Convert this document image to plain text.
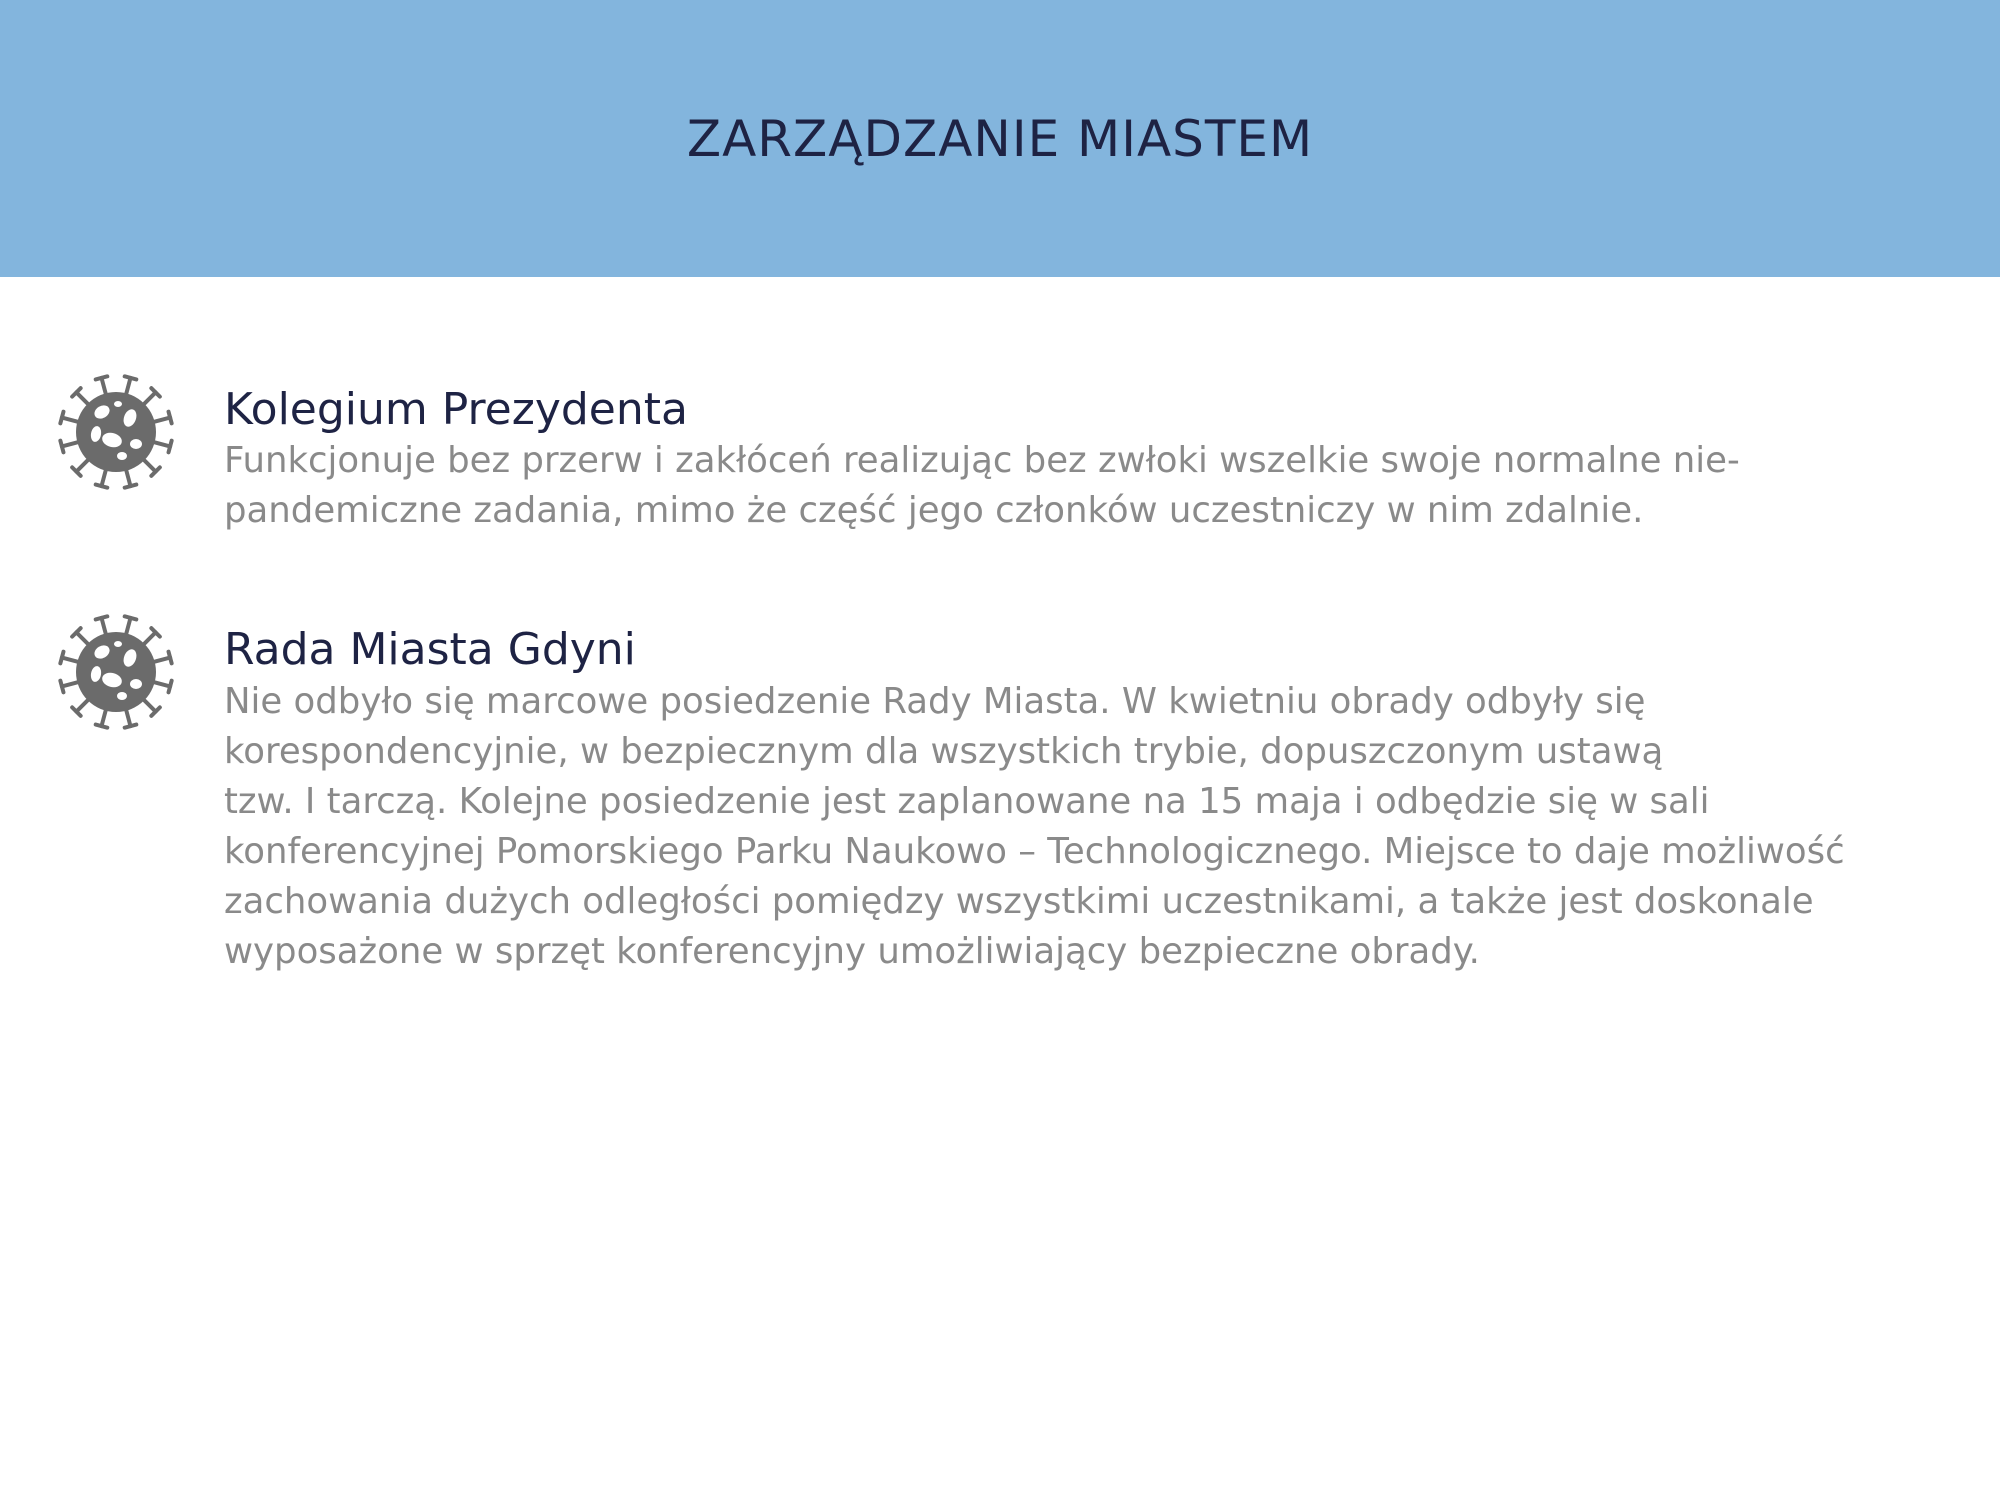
ZARZĄDZANIE MIASTEM
Kolegium Prezydenta

Funkcjonuje bez przerw i zakłóceń realizując bez zwłoki wszelkie swoje normalne nie-
pandemiczne zadania, mimo że część jego członków uczestniczy w nim zdalnie.

Rada Miasta Gdyni

Nie odbyło się marcowe posiedzenie Rady Miasta. W kwietniu obrady odbyły się
korespondencyjnie, w bezpiecznym dla wszystkich trybie, dopuszczonym ustawą
tzw. I tarczą. Kolejne posiedzenie jest zaplanowane na 15 maja i odbędzie się w sali
konferencyjnej Pomorskiego Parku Naukowo – Technologicznego. Miejsce to daje możliwość
zachowania dużych odległości pomiędzy wszystkimi uczestnikami, a także jest doskonale
wyposażone w sprzęt konferencyjny umożliwiający bezpieczne obrady.
